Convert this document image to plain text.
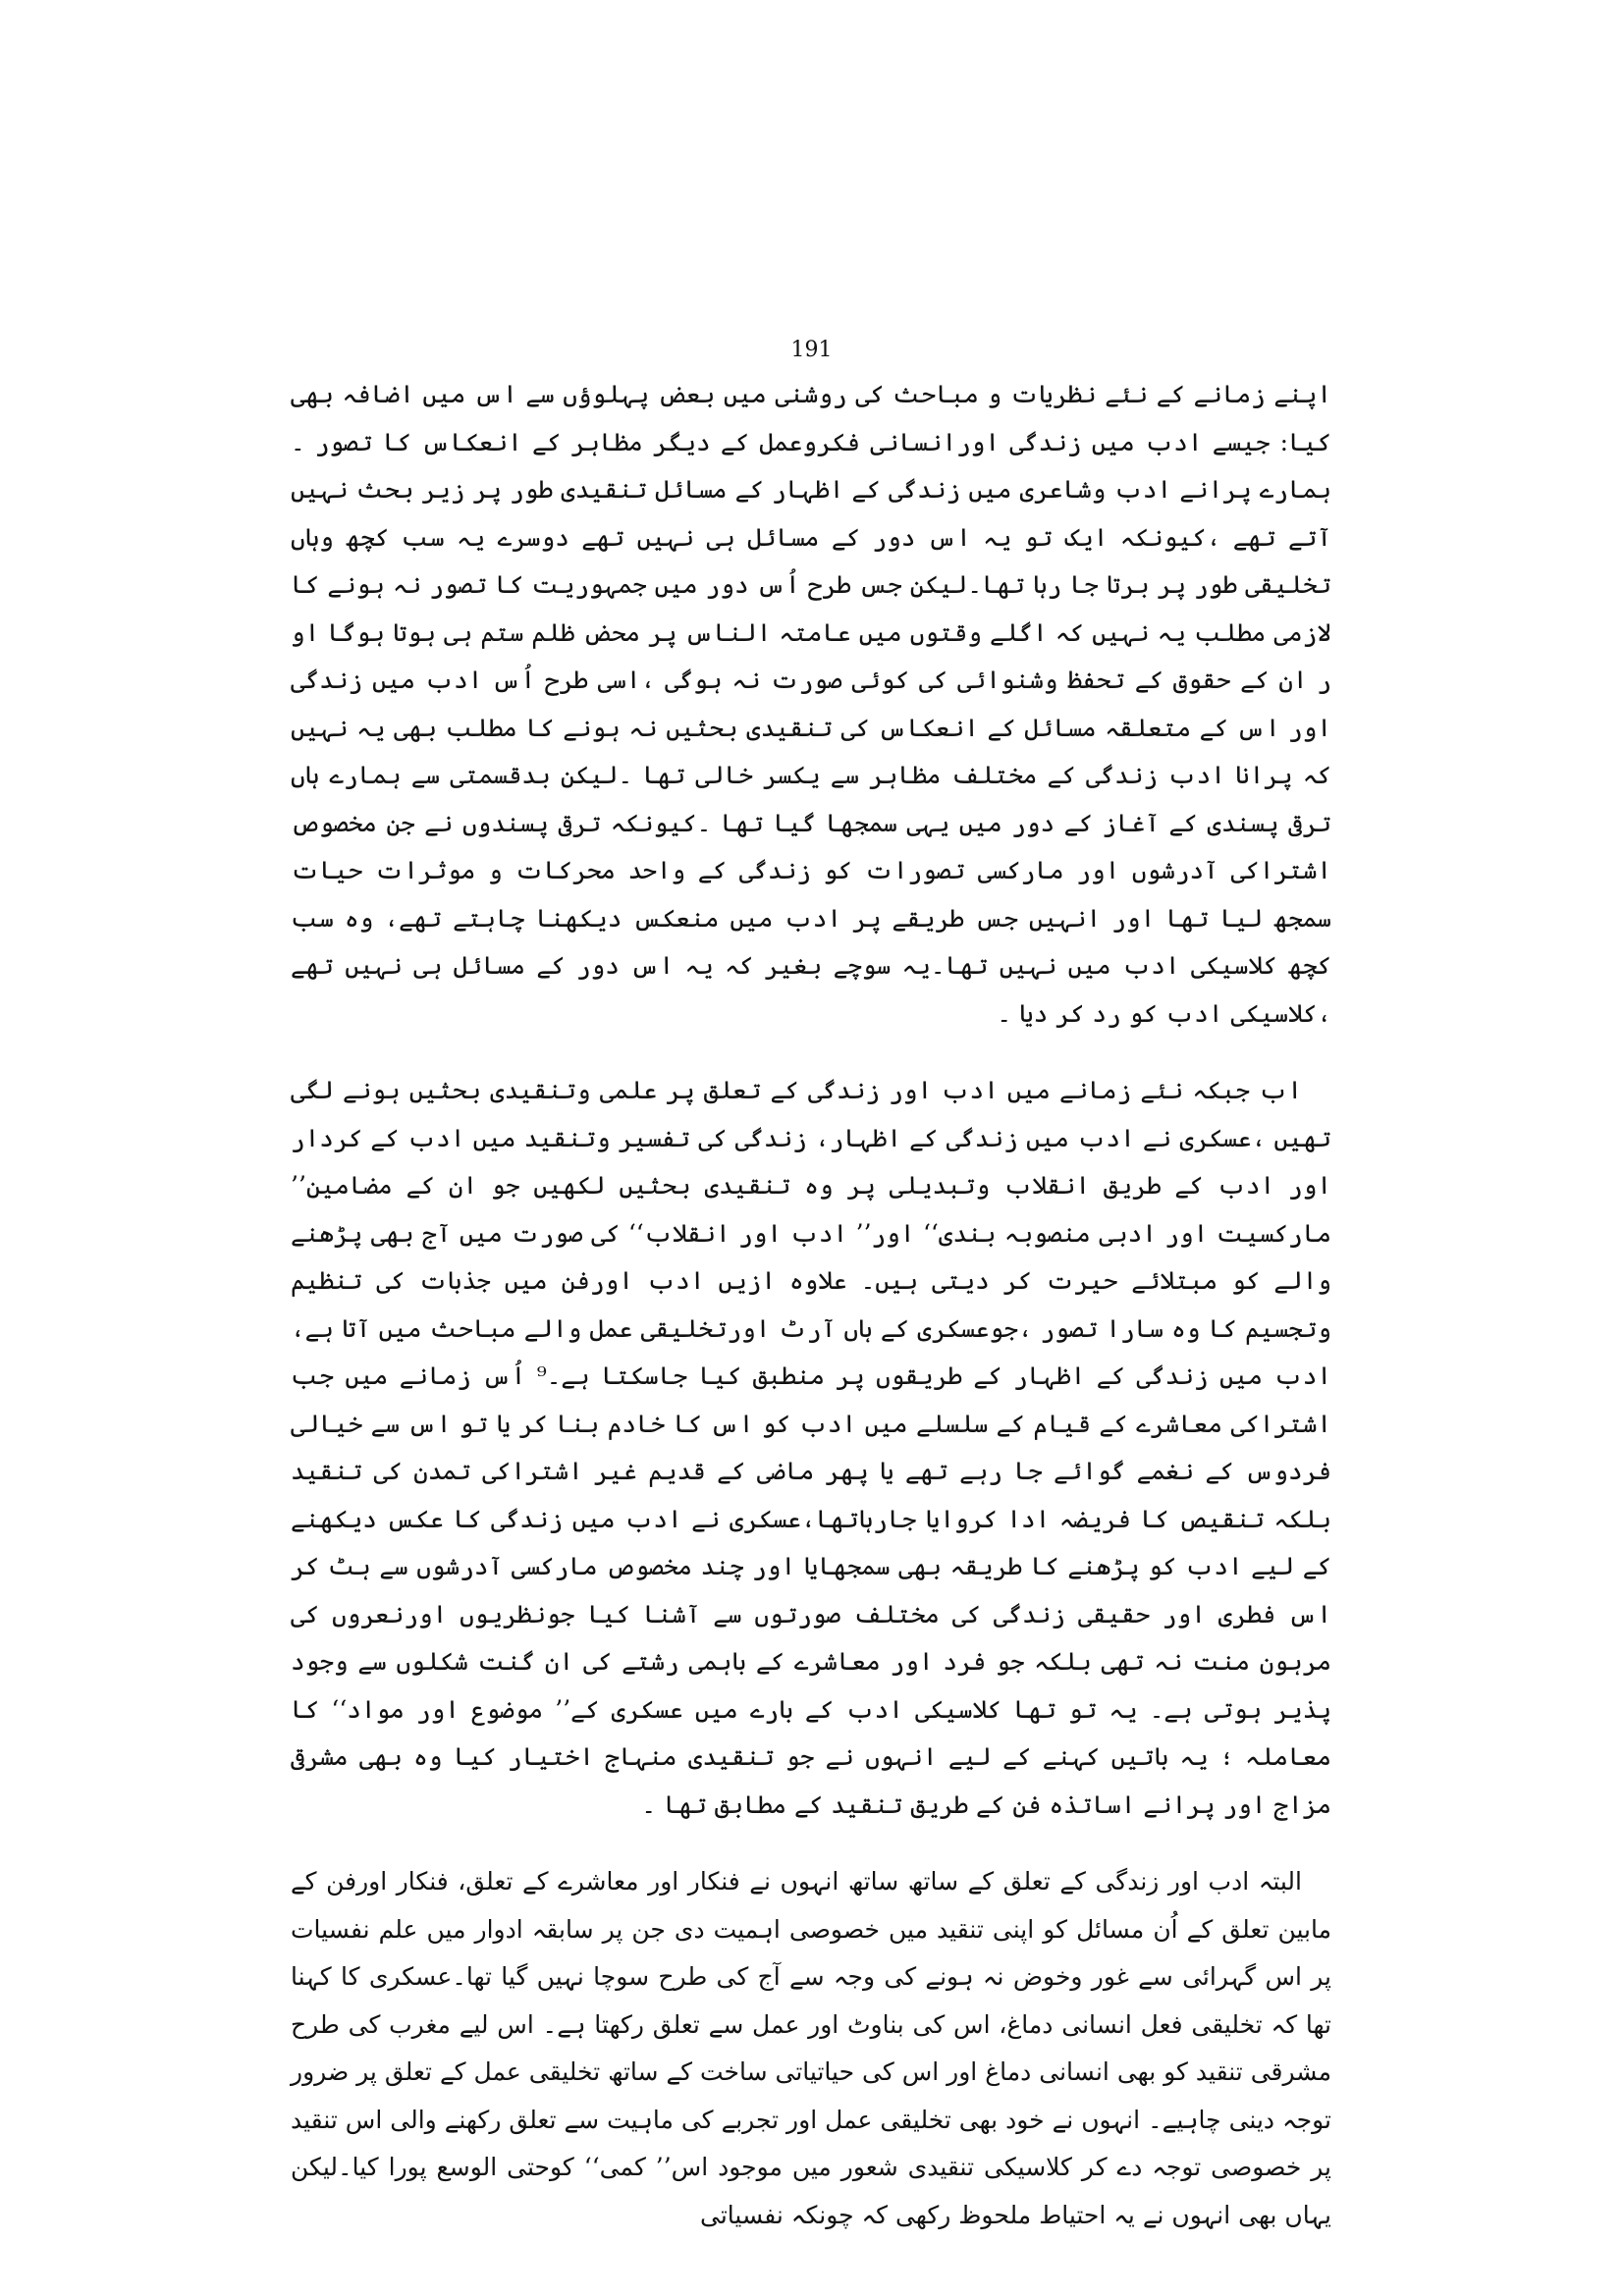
191

اپنے زمانے کے نئے نظریات و مباحث کی روشنی میں بعض پہلوؤں سے اس میں اضافہ بھی کیا: جیسے ادب میں زندگی اورانسانی فکروعمل کے دیگر مظاہر کے انعکاس کا تصور ۔ہمارے پرانے ادب وشاعری میں زندگی کے اظہار کے مسائل تنقیدی طور پر زیر بحث نہیں آتے تھے ،کیونکہ ایک تو یہ اس دور کے مسائل ہی نہیں تھے دوسرے یہ سب کچھ وہاں تخلیقی طور پر برتا جا رہا تھا۔لیکن جس طرح اُس دور میں جمہوریت کا تصور نہ ہونے کا لازمی مطلب یہ نہیں کہ اگلے وقتوں میں عامتہ الناس پر محض ظلم ستم ہی ہوتا ہوگا او ر ان کے حقوق کے تحفظ وشنوائی کی کوئی صورت نہ ہوگی ،اسی طرح اُس ادب میں زندگی اور اس کے متعلقہ مسائل کے انعکاس کی تنقیدی بحثیں نہ ہونے کا مطلب بھی یہ نہیں کہ پرانا ادب زندگی کے مختلف مظاہر سے یکسر خالی تھا ۔لیکن بدقسمتی سے ہمارے ہاں ترقی پسندی کے آغاز کے دور میں یہی سمجھا گیا تھا ۔کیونکہ ترقی پسندوں نے جن مخصوص اشتراکی آدرشوں اور مارکسی تصورات کو زندگی کے واحد محرکات و موثرات حیات سمجھ لیا تھا اور انہیں جس طریقے پر ادب میں منعکس دیکھنا چاہتے تھے، وہ سب کچھ کلاسیکی ادب میں نہیں تھا۔یہ سوچے بغیر کہ یہ اس دور کے مسائل ہی نہیں تھے ،کلاسیکی ادب کو رد کر دیا ۔

اب جبکہ نئے زمانے میں ادب اور زندگی کے تعلق پر علمی وتنقیدی بحثیں ہونے لگی تھیں ،عسکری نے ادب میں زندگی کے اظہار، زندگی کی تفسیر وتنقید میں ادب کے کردار اور ادب کے طریق انقلاب وتبدیلی پر وہ تنقیدی بحثیں لکھیں جو ان کے مضامین’’ مارکسیت اور ادبی منصوبہ بندی‘‘ اور’’ ادب اور انقلاب‘‘ کی صورت میں آج بھی پڑھنے والے کو مبتلائے حیرت کر دیتی ہیں۔ علاوہ ازیں ادب اورفن میں جذبات کی تنظیم وتجسیم کا وہ سارا تصور ،جوعسکری کے ہاں آرٹ اورتخلیقی عمل والے مباحث میں آتا ہے، ادب میں زندگی کے اظہار کے طریقوں پر منطبق کیا جاسکتا ہے۔⁹ اُس زمانے میں جب اشتراکی معاشرے کے قیام کے سلسلے میں ادب کو اس کا خادم بنا کر یا تو اس سے خیالی فردوس کے نغمے گوائے جا رہے تھے یا پھر ماضی کے قدیم غیر اشتراکی تمدن کی تنقید بلکہ تنقیص کا فریضہ ادا کروایا جارہاتھا،عسکری نے ادب میں زندگی کا عکس دیکھنے کے لیے ادب کو پڑھنے کا طریقہ بھی سمجھایا اور چند مخصوص مارکسی آدرشوں سے ہٹ کر اس فطری اور حقیقی زندگی کی مختلف صورتوں سے آشنا کیا جونظریوں اورنعروں کی مرہون منت نہ تھی بلکہ جو فرد اور معاشرے کے باہمی رشتے کی ان گنت شکلوں سے وجود پذیر ہوتی ہے۔ یہ تو تھا کلاسیکی ادب کے بارے میں عسکری کے’’ موضوع اور مواد‘‘ کا معاملہ ؛ یہ باتیں کہنے کے لیے انہوں نے جو تنقیدی منہاج اختیار کیا وہ بھی مشرقی مزاج اور پرانے اساتذہ فن کے طریق تنقید کے مطابق تھا ۔

البتہ ادب اور زندگی کے تعلق کے ساتھ ساتھ انہوں نے فنکار اور معاشرے کے تعلق، فنکار اورفن کے مابین تعلق کے اُن مسائل کو اپنی تنقید میں خصوصی اہمیت دی جن پر سابقہ ادوار میں علم نفسیات پر اس گہرائی سے غور وخوض نہ ہونے کی وجہ سے آج کی طرح سوچا نہیں گیا تھا۔عسکری کا کہنا تھا کہ تخلیقی فعل انسانی دماغ، اس کی بناوٹ اور عمل سے تعلق رکھتا ہے۔ اس لیے مغرب کی طرح مشرقی تنقید کو بھی انسانی دماغ اور اس کی حیاتیاتی ساخت کے ساتھ تخلیقی عمل کے تعلق پر ضرور توجہ دینی چاہیے۔ انہوں نے خود بھی تخلیقی عمل اور تجربے کی ماہیت سے تعلق رکھنے والی اس تنقید پر خصوصی توجہ دے کر کلاسیکی تنقیدی شعور میں موجود اس’’ کمی‘‘ کوحتی الوسع پورا کیا۔لیکن یہاں بھی انہوں نے یہ احتیاط ملحوظ رکھی کہ چونکہ نفسیاتی
